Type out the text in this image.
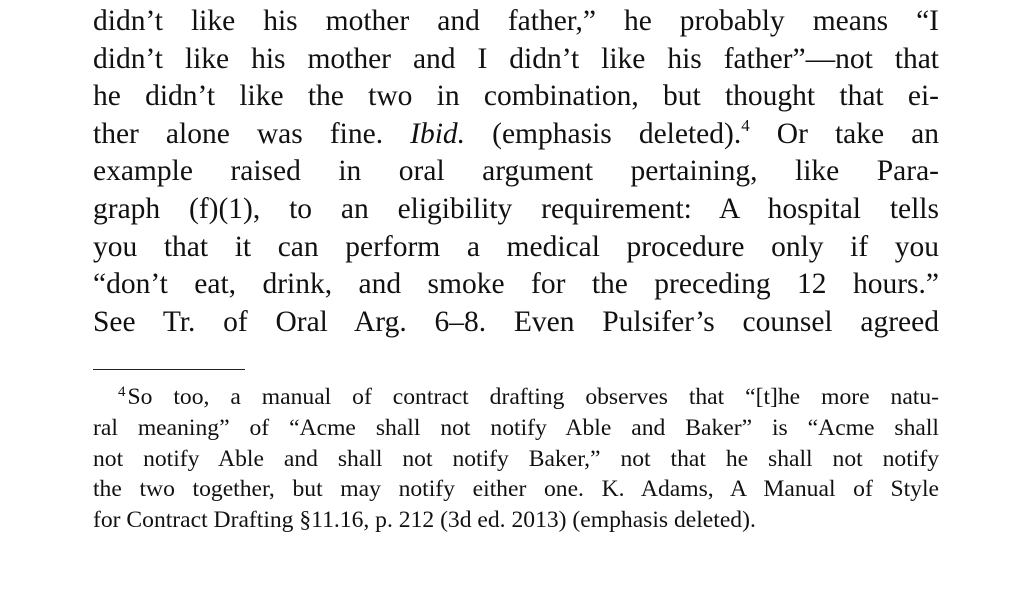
didn’t like his mother and father,” he probably means “I
didn’t like his mother and I didn’t like his father”—not that
he didn’t like the two in combination, but thought that ei-
ther alone was fine. Ibid. (emphasis deleted).$^4$ Or take an
example raised in oral argument pertaining, like Para-
graph (f)(1), to an eligibility requirement: A hospital tells
you that it can perform a medical procedure only if you
“don’t eat, drink, and smoke for the preceding 12 hours.”
See Tr. of Oral Arg. 6–8. Even Pulsifer’s counsel agreed
$^4$So too, a manual of contract drafting observes that “[t]he more natu-
ral meaning” of “Acme shall not notify Able and Baker” is “Acme shall
not notify Able and shall not notify Baker,” not that he shall not notify
the two together, but may notify either one. K. Adams, A Manual of Style
for Contract Drafting §11.16, p. 212 (3d ed. 2013) (emphasis deleted).
